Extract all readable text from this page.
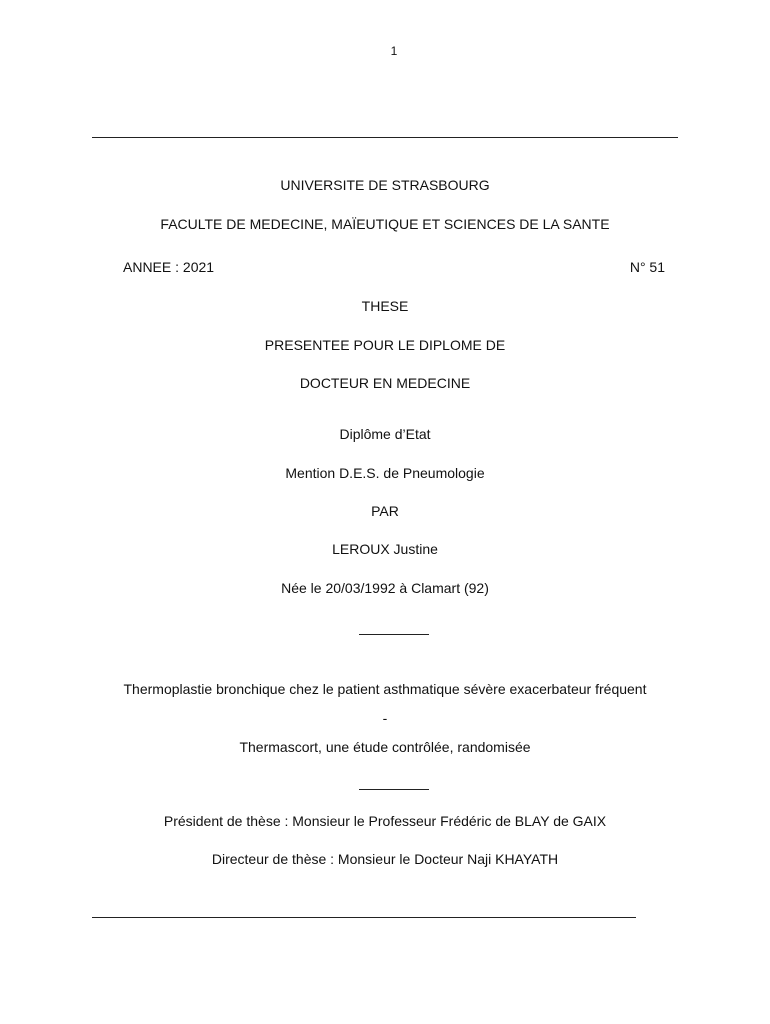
1
UNIVERSITE DE STRASBOURG
FACULTE DE MEDECINE, MAÏEUTIQUE ET SCIENCES DE LA SANTE
ANNEE : 2021	N° 51
THESE
PRESENTEE POUR LE DIPLOME DE
DOCTEUR EN MEDECINE
Diplôme d’Etat
Mention D.E.S. de Pneumologie
PAR
LEROUX Justine
Née le 20/03/1992 à Clamart (92)
Thermoplastie bronchique chez le patient asthmatique sévère exacerbateur fréquent
-
Thermascort, une étude contrôlée, randomisée
Président de thèse : Monsieur le Professeur Frédéric de BLAY de GAIX
Directeur de thèse : Monsieur le Docteur Naji KHAYATH
